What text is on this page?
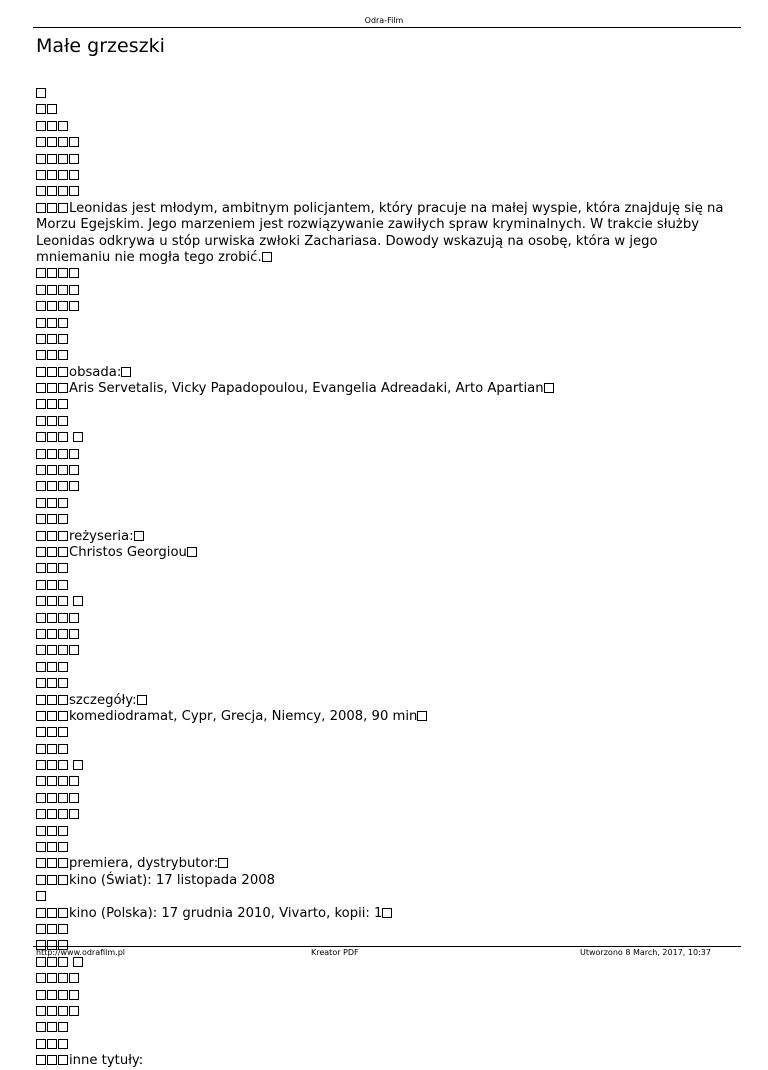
Odra-Film
Małe grzeszki
Leonidas jest młodym, ambitnym policjantem, który pracuje na małej wyspie, która znajduję się na Morzu Egejskim. Jego marzeniem jest rozwiązywanie zawiłych spraw kryminalnych. W trakcie służby Leonidas odkrywa u stóp urwiska zwłoki Zachariasa. Dowody wskazują na osobę, która w jego mniemaniu nie mogła tego zrobić.
obsada:
Aris Servetalis, Vicky Papadopoulou, Evangelia Adreadaki, Arto Apartian
reżyseria:
Christos Georgiou
szczegóły:
komediodramat, Cypr, Grecja, Niemcy, 2008, 90 min
premiera, dystrybutor:
kino (Świat): 17 listopada 2008
kino (Polska): 17 grudnia 2010, Vivarto, kopii: 1
inne tytuły:
http://www.odrafilm.pl	Kreator PDF	Utworzono 8 March, 2017, 10:37
